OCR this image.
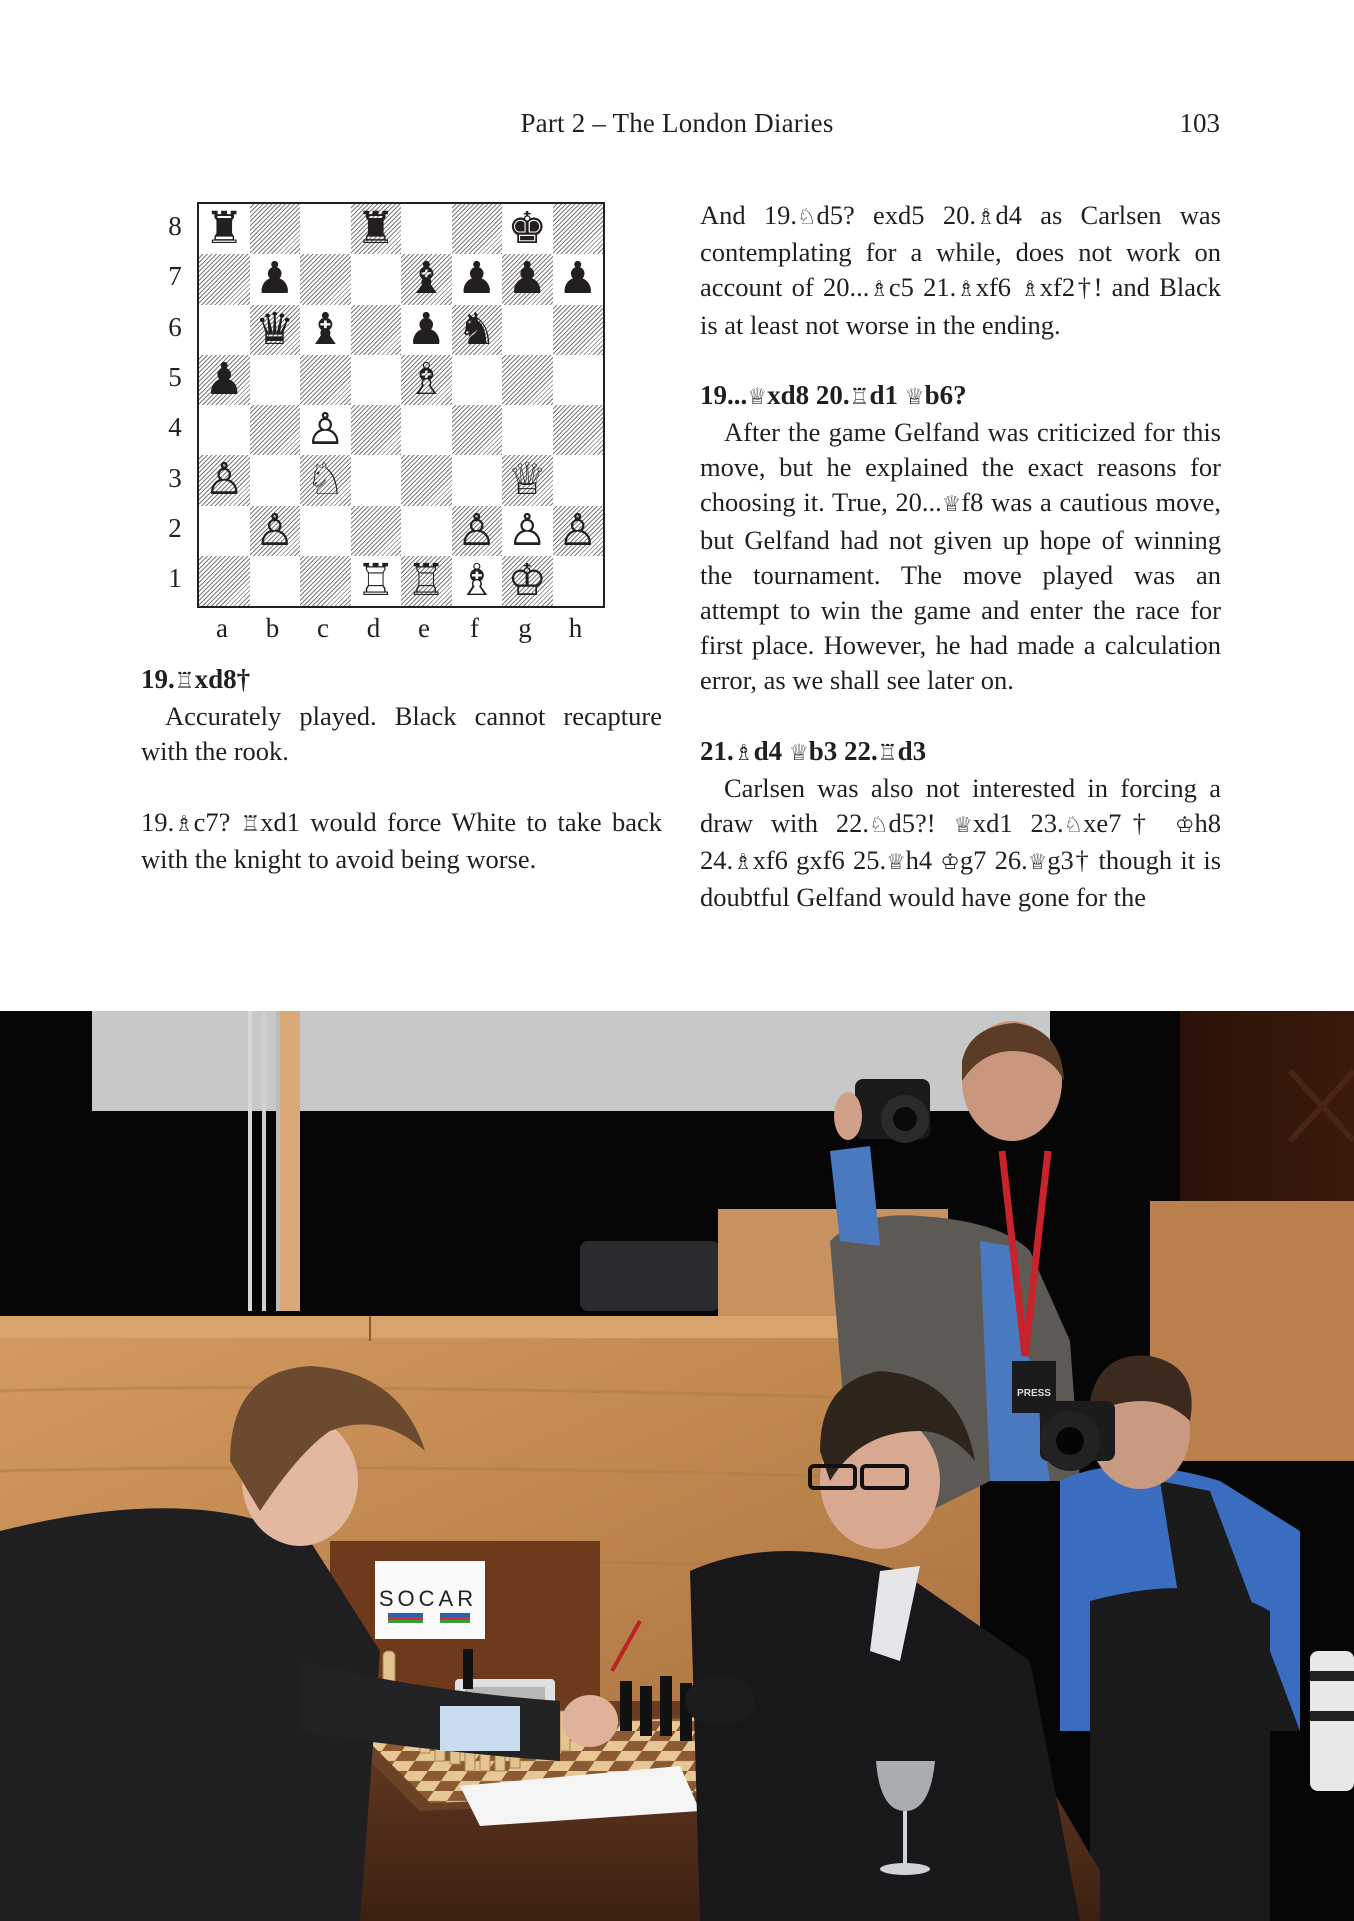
Part 2 – The London Diaries	103
8
7
6
5
4
3
2
1
♜	♜	♚
♟	♝ ♟ ♟ ♟
♛ ♝ ♟ ♞
♟	♗
♙
♙ ♘	♕
♙	♙ ♙ ♙
♖ ♖ ♗ ♔
a	b	c	d	e	f	g	h

19.♖xd8†

Accurately played. Black cannot recapture with the rook.

19.♗c7? ♖xd1 would force White to take back with the knight to avoid being worse.

And 19.♘d5? exd5 20.♗d4 as Carlsen was contemplating for a while, does not work on account of 20...♗c5 21.♗xf6 ♗xf2†! and Black is at least not worse in the ending.

19...♕xd8 20.♖d1 ♕b6?

After the game Gelfand was criticized for this move, but he explained the exact reasons for choosing it. True, 20...♕f8 was a cautious move, but Gelfand had not given up hope of winning the tournament. The move played was an attempt to win the game and enter the race for first place. However, he had made a calculation error, as we shall see later on.

21.♗d4 ♕b3 22.♖d3

Carlsen was also not interested in forcing a draw with 22.♘d5?! ♕xd1 23.♘xe7† ♔h8 24.♗xf6 gxf6 25.♕h4 ♔g7 26.♕g3† though it is doubtful Gelfand would have gone for the

SOCAR
PRESS
